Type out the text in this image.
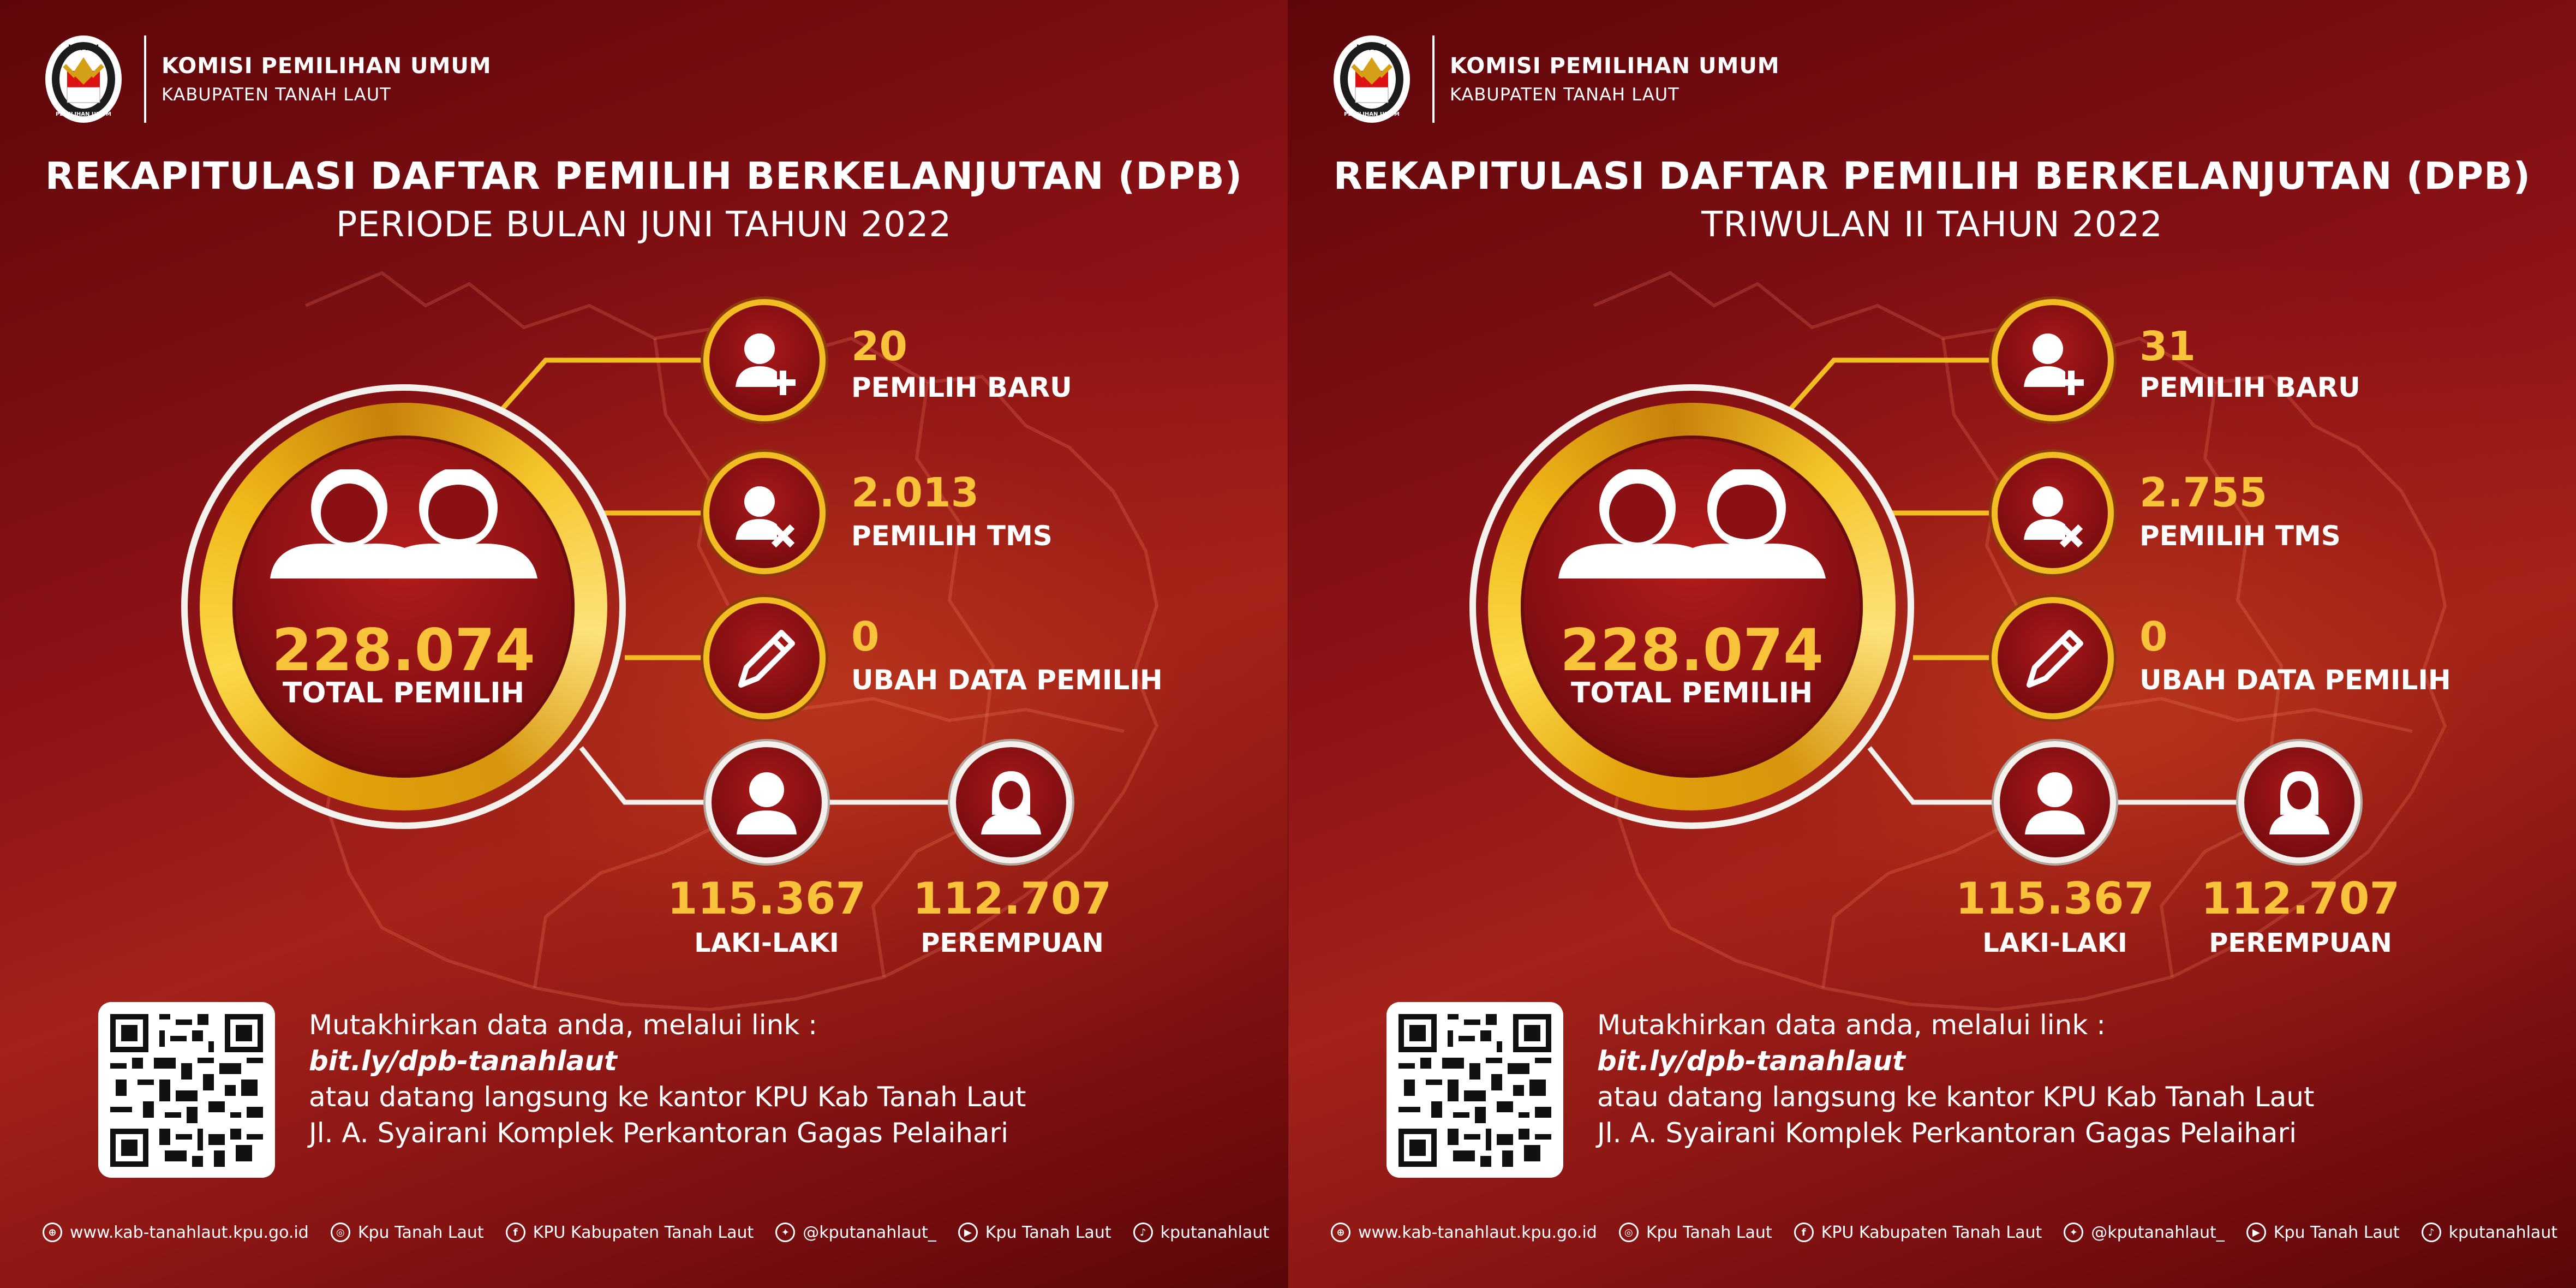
KOMISI
PEMILIHAN UMUM
KOMISI PEMILIHAN UMUM
KABUPATEN TANAH LAUT
REKAPITULASI DAFTAR PEMILIH BERKELANJUTAN (DPB)
PERIODE BULAN JUNI TAHUN 2022
228.074
TOTAL PEMILIH
20
PEMILIH BARU
2.013
PEMILIH TMS
0
UBAH DATA PEMILIH
115.367
LAKI-LAKI
112.707
PEREMPUAN
Mutakhirkan data anda, melalui link :
bit.ly/dpb-tanahlaut
atau datang langsung ke kantor KPU Kab Tanah Laut
Jl. A. Syairani Komplek Perkantoran Gagas Pelaihari
⊕ www.kab-tanahlaut.kpu.go.id	◎ Kpu Tanah Laut	f KPU Kabupaten Tanah Laut	✦ @kputanahlaut_	▶ Kpu Tanah Laut	♪ kputanahlaut
KOMISI
PEMILIHAN UMUM
KOMISI PEMILIHAN UMUM
KABUPATEN TANAH LAUT
REKAPITULASI DAFTAR PEMILIH BERKELANJUTAN (DPB)
TRIWULAN II TAHUN 2022
228.074
TOTAL PEMILIH
31
PEMILIH BARU
2.755
PEMILIH TMS
0
UBAH DATA PEMILIH
115.367
LAKI-LAKI
112.707
PEREMPUAN
Mutakhirkan data anda, melalui link :
bit.ly/dpb-tanahlaut
atau datang langsung ke kantor KPU Kab Tanah Laut
Jl. A. Syairani Komplek Perkantoran Gagas Pelaihari
⊕ www.kab-tanahlaut.kpu.go.id	◎ Kpu Tanah Laut	f KPU Kabupaten Tanah Laut	✦ @kputanahlaut_	▶ Kpu Tanah Laut	♪ kputanahlaut
